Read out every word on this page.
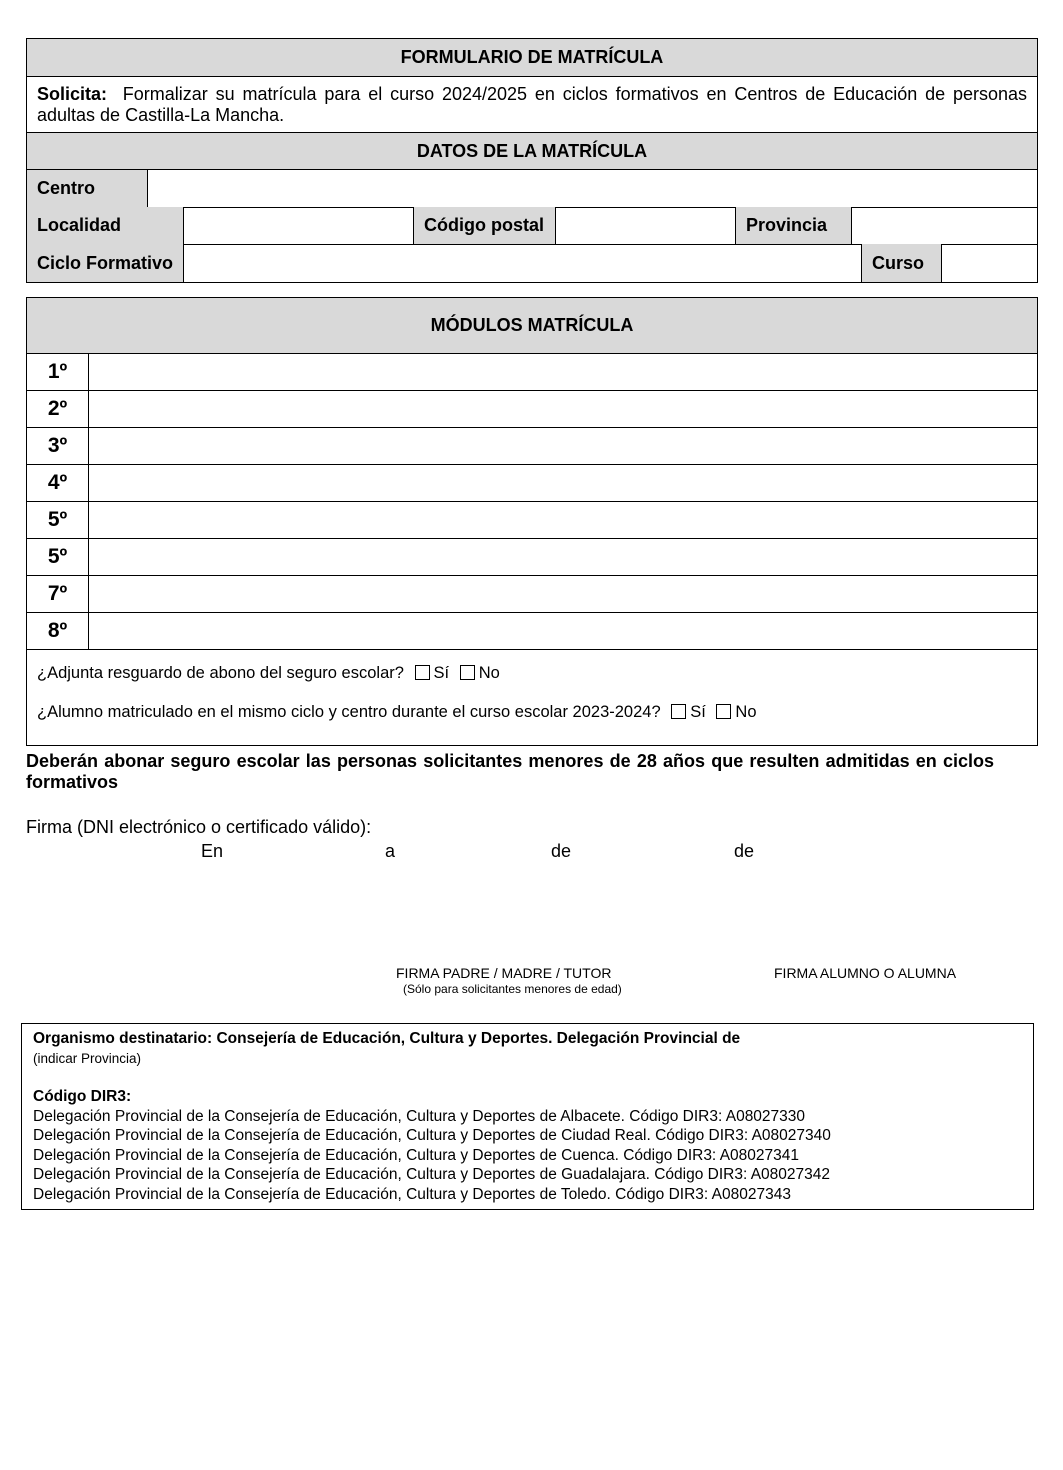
FORMULARIO DE MATRÍCULA
Solicita: Formalizar su matrícula para el curso 2024/2025 en ciclos formativos en Centros de Educación de personas adultas de Castilla-La Mancha.
DATOS DE LA MATRÍCULA
Centro
Localidad	Código postal	Provincia
Ciclo Formativo	Curso
MÓDULOS MATRÍCULA
1º
2º
3º
4º
5º
5º
7º
8º
¿Adjunta resguardo de abono del seguro escolar? Sí No
¿Alumno matriculado en el mismo ciclo y centro durante el curso escolar 2023-2024? Sí No
Deberán abonar seguro escolar las personas solicitantes menores de 28 años que resulten admitidas en ciclos formativos
Firma (DNI electrónico o certificado válido):
En	a	de	de
FIRMA PADRE / MADRE / TUTOR
(Sólo para solicitantes menores de edad)
FIRMA ALUMNO O ALUMNA
Organismo destinatario: Consejería de Educación, Cultura y Deportes. Delegación Provincial de
(indicar Provincia)
Código DIR3:
Delegación Provincial de la Consejería de Educación, Cultura y Deportes de Albacete. Código DIR3: A08027330
Delegación Provincial de la Consejería de Educación, Cultura y Deportes de Ciudad Real. Código DIR3: A08027340
Delegación Provincial de la Consejería de Educación, Cultura y Deportes de Cuenca. Código DIR3: A08027341
Delegación Provincial de la Consejería de Educación, Cultura y Deportes de Guadalajara. Código DIR3: A08027342
Delegación Provincial de la Consejería de Educación, Cultura y Deportes de Toledo. Código DIR3: A08027343
